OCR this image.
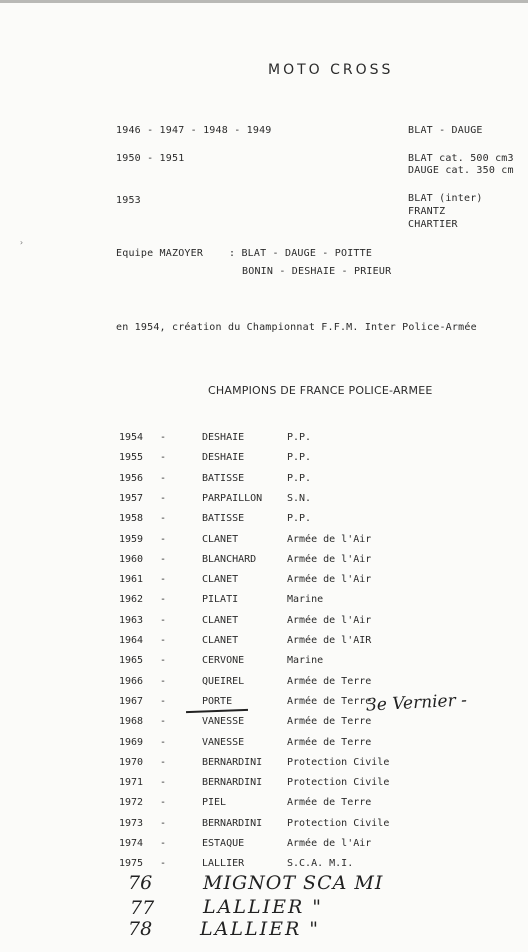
MOTO CROSS
1946 - 1947 - 1948 - 1949	BLAT - DAUGE
1950 - 1951	BLAT cat. 500 cm3
DAUGE cat. 350 cm
1953	BLAT (inter)
FRANTZ
CHARTIER
›
Equipe MAZOYER	: BLAT - DAUGE - POITTE
BONIN - DESHAIE - PRIEUR
en 1954, création du Championnat F.F.M. Inter Police-Armée
CHAMPIONS DE FRANCE POLICE-ARMEE
1954 -	DESHAIE	P.P.
1955 -	DESHAIE	P.P.
1956 -	BATISSE	P.P.
1957 -	PARPAILLON S.N.
1958 -	BATISSE	P.P.
1959 -	CLANET	Armée de l'Air
1960 -	BLANCHARD	Armée de l'Air
1961 -	CLANET	Armée de l'Air
1962 -	PILATI	Marine
1963 -	CLANET	Armée de l'Air
1964 -	CLANET	Armée de l'AIR
1965 -	CERVONE	Marine
1966 -	QUEIREL	Armée de Terre
1967 -	PORTE	Armée de Terre
1968 -	VANESSE	Armée de Terre
1969 -	VANESSE	Armée de Terre
1970 -	BERNARDINI Protection Civile
1971 -	BERNARDINI Protection Civile
1972 -	PIEL	Armée de Terre
1973 -	BERNARDINI Protection Civile
1974 -	ESTAQUE	Armée de l'Air
1975 -	LALLIER	S.C.A. M.I.
3e Vernier -
76	MIGNOT SCA MI
77	LALLIER "
78	LALLIER "
